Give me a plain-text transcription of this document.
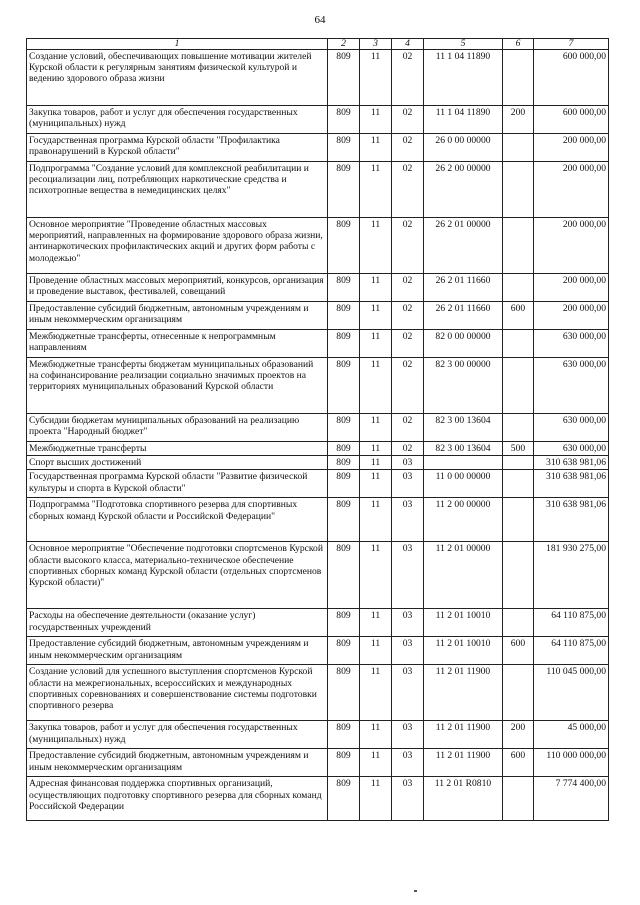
64
1	2	3	4	5	6	7
Создание условий, обеспечивающих повышение мотивации жителей Курской области к регулярным занятиям физической культурой и ведению здорового образа жизни	809	11	02	11 1 04 11890		600 000,00
Закупка товаров, работ и услуг для обеспечения государственных (муниципальных) нужд	809	11	02	11 1 04 11890	200	600 000,00
Государственная программа Курской области "Профилактика правонарушений в Курской области"	809	11	02	26 0 00 00000		200 000,00
Подпрограмма "Создание условий для комплексной реабилитации и ресоциализации лиц, потребляющих наркотические средства и психотропные вещества в немедицинских целях"	809	11	02	26 2 00 00000		200 000,00
Основное мероприятие "Проведение областных массовых мероприятий, направленных на формирование здорового образа жизни, антинаркотических профилактических акций и других форм работы с молодежью"	809	11	02	26 2 01 00000		200 000,00
Проведение областных массовых мероприятий, конкурсов, организация и проведение выставок, фестивалей, совещаний	809	11	02	26 2 01 11660		200 000,00
Предоставление субсидий бюджетным, автономным учреждениям и иным некоммерческим организациям	809	11	02	26 2 01 11660	600	200 000,00
Межбюджетные трансферты, отнесенные к непрограммным направлениям	809	11	02	82 0 00 00000		630 000,00
Межбюджетные трансферты бюджетам муниципальных образований на софинансирование реализации социально значимых проектов на территориях муниципальных образований Курской области	809	11	02	82 3 00 00000		630 000,00
Субсидии бюджетам муниципальных образований на реализацию проекта "Народный бюджет"	809	11	02	82 3 00 13604		630 000,00
Межбюджетные трансферты	809	11	02	82 3 00 13604	500	630 000,00
Спорт высших достижений	809	11	03			310 638 981,06
Государственная программа Курской области "Развитие физической культуры и спорта в Курской области"	809	11	03	11 0 00 00000		310 638 981,06
Подпрограмма "Подготовка спортивного резерва для спортивных сборных команд Курской области и Российской Федерации"	809	11	03	11 2 00 00000		310 638 981,06
Основное мероприятие "Обеспечение подготовки спортсменов Курской области высокого класса, материально-техническое обеспечение спортивных сборных команд Курской области (отдельных спортсменов Курской области)"	809	11	03	11 2 01 00000		181 930 275,00
Расходы на обеспечение деятельности (оказание услуг) государственных учреждений	809	11	03	11 2 01 10010		64 110 875,00
Предоставление субсидий бюджетным, автономным учреждениям и иным некоммерческим организациям	809	11	03	11 2 01 10010	600	64 110 875,00
Создание условий для успешного выступления спортсменов Курской области на межрегиональных, всероссийских и международных спортивных соревнованиях и совершенствование системы подготовки спортивного резерва	809	11	03	11 2 01 11900		110 045 000,00
Закупка товаров, работ и услуг для обеспечения государственных (муниципальных) нужд	809	11	03	11 2 01 11900	200	45 000,00
Предоставление субсидий бюджетным, автономным учреждениям и иным некоммерческим организациям	809	11	03	11 2 01 11900	600	110 000 000,00
Адресная финансовая поддержка спортивных организаций, осуществляющих подготовку спортивного резерва для сборных команд Российской Федерации	809	11	03	11 2 01 R0810		7 774 400,00
